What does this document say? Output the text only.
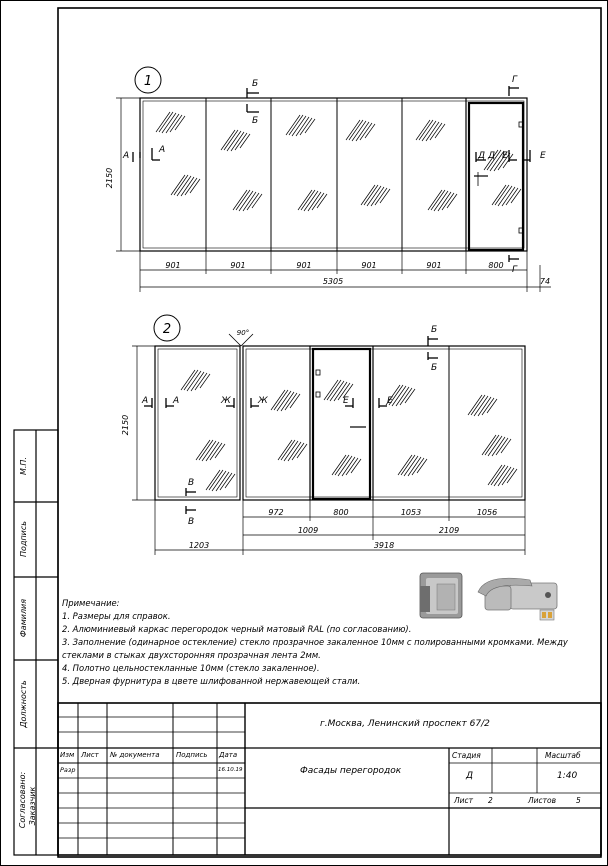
1
2150
А
А
Б
Б
Д Д Е	Е
Г
Г
901	901	901	901	901	800
5305	74
2	90°
2150
А	А	Ж	Ж	Е	Е
Б
Б
В
В
972	800	1053	1056
1009	2109
1203	3918
Примечание:
1. Размеры для справок.
2. Алюминиевый каркас перегородок черный матовый RAL (по согласованию).
3. Заполнение (одинарное остекление) стекло прозрачное закаленное 10мм с полированными кромками. Между стеклами в стыках двухсторонняя прозрачная лента 2мм.
4. Полотно цельностекланные 10мм (стекло закаленное).
5. Дверная фурнитура в цвете шлифованной нержавеющей стали.
г.Москва, Ленинский проспект 67/2
Фасады перегородок
Изм Лист № документа Подпись Дата
Разр	16.10.19
Стадия
Д
Масштаб
1:40
Лист 2	Листов	5
М.П.
Подпись
Фамилия
Должность
Согласовано: Заказчик
